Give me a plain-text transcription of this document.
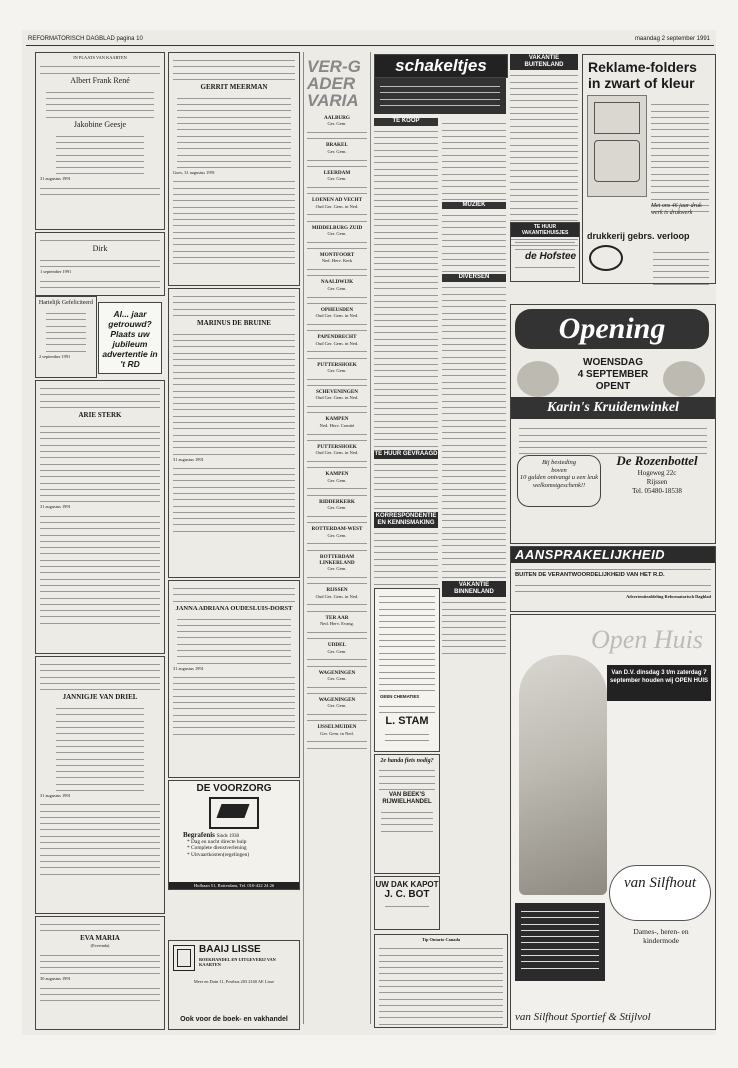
REFORMATORISCH DAGBLAD pagina 10	maandag 2 september 1991
IN PLAATS VAN KAARTEN
Albert Frank René
Jakobine Geesje
31 augustus 1991
Dirk
1 september 1991
Hartelijk Gefeliciteerd
2 september 1991
Al... jaar getrouwd? Plaats uw jubileum advertentie in 't RD
ARIE STERK
31 augustus 1991
JANNIGJE VAN DRIEL
31 augustus 1991
EVA MARIA
(Everinda)
30 augustus 1991
GERRIT MEERMAN
Goes, 31 augustus 1991
MARINUS DE BRUINE
31 augustus 1991
JANNA ADRIANA OUDESLUIS-DORST
31 augustus 1991
DE VOORZORG
Begrafenis Sinds 1938
* Dag en nacht directe hulp
* Complete dienstverlening
* Uitvaartkosten(regelingen)
Hofbaan 51, Rotterdam, Tel. 010-422 24 26
BAAIJ LISSE
BOEKHANDEL EN UITGEVERIJ VAN KAARTEN
Meer en Duin 11, Postbus 203 2160 AE Lisse
Ook voor de boek- en vakhandel
VER-GADER VARIA
AALBURG
Ger. Gem.
BRAKEL
Ger. Gem.
LEERDAM
Ger. Gem.
LOENEN AD VECHT
Oud Ger. Gem. in Ned.
MIDDELBURG ZUID
Ger. Gem.
MONTFOORT
Ned. Herv. Kerk
NAALDWIJK
Ger. Gem.
OPHEUSDEN
Oud Ger. Gem. in Ned.
PAPENDRECHT
Oud Ger. Gem. in Ned.
PUTTERSHOEK
Ger. Gem.
SCHEVENINGEN
Oud Ger. Gem. in Ned.
KAMPEN
Ned. Herv. Comité
PUTTERSHOEK
Oud Ger. Gem. in Ned.
KAMPEN
Ger. Gem.
RIDDERKERK
Ger. Gem.
ROTTERDAM-WEST
Ger. Gem.
ROTTERDAM LINKERLAND
Ger. Gem.
RIJSSEN
Oud Ger. Gem. in Ned.
TER AAR
Ned. Herv. Evang.
UDDEL
Ger. Gem.
WAGENINGEN
Ger. Gem.
WAGENINGEN
Ger. Gem.
IJSSELMUIDEN
Ger. Gem. in Ned.
schakeltjes
TE KOOP
TE HUUR GEVRAAGD
KORRESPONDENTIE EN KENNISMAKING
GEEN CHEMATIES
L. STAM
2e handa fiets nodig?
VAN BEEK'S RIJWIELHANDEL
UW DAK KAPOT
J. C. BOT
Tip Ontario Canada
MUZIEK
DIVERSEN
VAKANTIE BINNENLAND
VAKANTIE BUITENLAND
TE HUUR VAKANTIEHUISJES
de Hofstee
Reklame-folders in zwart of kleur
Met ons 46 jaar druk werk is drukwerk
drukkerij gebrs. verloop
Opening
WOENSDAG
4 SEPTEMBER
OPENT
Karin's Kruidenwinkel
Bij besteding
boven
10 gulden ontvangt u een leuk welkomstgeschenk!!
De Rozenbottel
Hogeweg 22c
Rijssen
Tel. 05480-18538
AANSPRAKELIJKHEID
BUITEN DE VERANTWOORDELIJKHEID VAN HET R.D.
Advertentieafdeling Reformatorisch Dagblad
Open Huis
Van D.V. dinsdag 3 t/m zaterdag 7 september houden wij OPEN HUIS
van Silfhout
Dames-, heren- en kindermode
van Silfhout Sportief & Stijlvol
